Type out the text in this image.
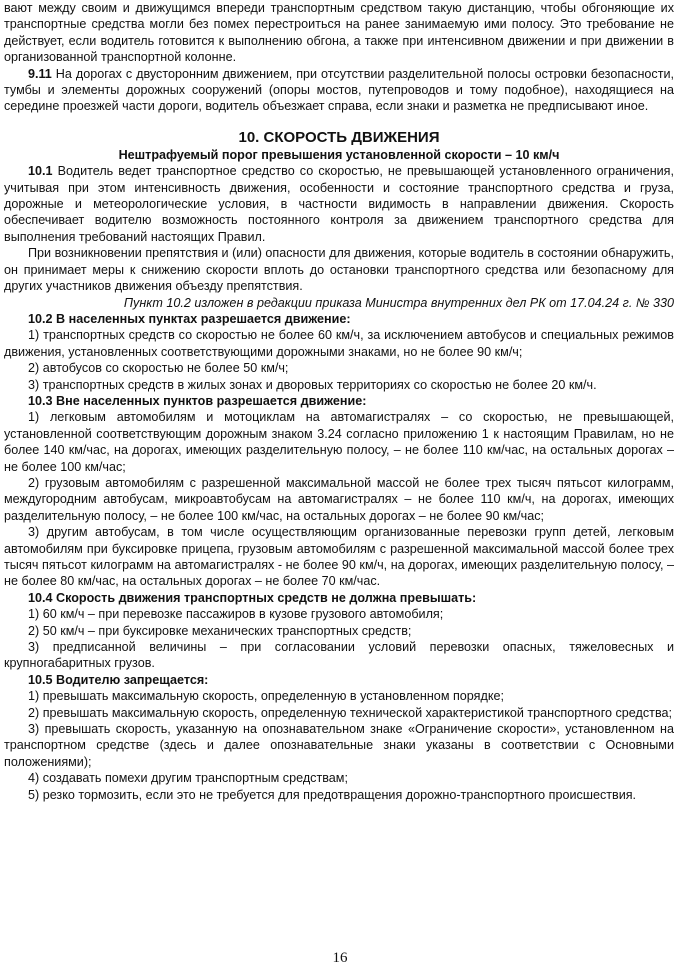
вают между своим и движущимся впереди транспортным средством такую дистанцию, чтобы обгоняющие их транспортные средства могли без помех перестроиться на ранее занимаемую ими полосу. Это требование не действует, если водитель готовится к выполнению обгона, а также при интенсивном движении и при движении в организованной транспортной колонне.

9.11 На дорогах с двусторонним движением, при отсутствии разделительной полосы островки безопасности, тумбы и элементы дорожных сооружений (опоры мостов, путепроводов и тому подобное), находящиеся на середине проезжей части дороги, водитель объезжает справа, если знаки и разметка не предписывают иное.

10. СКОРОСТЬ ДВИЖЕНИЯ

Нештрафуемый порог превышения установленной скорости – 10 км/ч

10.1 Водитель ведет транспортное средство со скоростью, не превышающей установленного ограничения, учитывая при этом интенсивность движения, особенности и состояние транспортного средства и груза, дорожные и метеорологические условия, в частности видимость в направлении движения. Скорость обеспечивает водителю возможность постоянного контроля за движением транспортного средства для выполнения требований настоящих Правил.

При возникновении препятствия и (или) опасности для движения, которые водитель в состоянии обнаружить, он принимает меры к снижению скорости вплоть до остановки транспортного средства или безопасному для других участников движения объезду препятствия.

Пункт 10.2 изложен в редакции приказа Министра внутренних дел РК от 17.04.24 г. № 330

10.2 В населенных пунктах разрешается движение:

1) транспортных средств со скоростью не более 60 км/ч, за исключением автобусов и специальных режимов движения, установленных соответствующими дорожными знаками, но не более 90 км/ч;

2) автобусов со скоростью не более 50 км/ч;

3) транспортных средств в жилых зонах и дворовых территориях со скоростью не более 20 км/ч.

10.3 Вне населенных пунктов разрешается движение:

1) легковым автомобилям и мотоциклам на автомагистралях – со скоростью, не превышающей, установленной соответствующим дорожным знаком 3.24 согласно приложению 1 к настоящим Правилам, но не более 140 км/час, на дорогах, имеющих разделительную полосу, – не более 110 км/час, на остальных дорогах – не более 100 км/час;

2) грузовым автомобилям с разрешенной максимальной массой не более трех тысяч пятьсот килограмм, междугородним автобусам, микроавтобусам на автомагистралях – не более 110 км/ч, на дорогах, имеющих разделительную полосу, – не более 100 км/час, на остальных дорогах – не более 90 км/час;

3) другим автобусам, в том числе осуществляющим организованные перевозки групп детей, легковым автомобилям при буксировке прицепа, грузовым автомобилям с разрешенной максимальной массой более трех тысяч пятьсот килограмм на автомагистралях - не более 90 км/ч, на дорогах, имеющих разделительную полосу, – не более 80 км/час, на остальных дорогах – не более 70 км/час.

10.4 Скорость движения транспортных средств не должна превышать:

1) 60 км/ч – при перевозке пассажиров в кузове грузового автомобиля;

2) 50 км/ч – при буксировке механических транспортных средств;

3) предписанной величины – при согласовании условий перевозки опасных, тяжеловесных и крупногабаритных грузов.

10.5 Водителю запрещается:

1) превышать максимальную скорость, определенную в установленном порядке;

2) превышать максимальную скорость, определенную технической характеристикой транспортного средства;

3) превышать скорость, указанную на опознавательном знаке «Ограничение скорости», установленном на транспортном средстве (здесь и далее опознавательные знаки указаны в соответствии с Основными положениями);

4) создавать помехи другим транспортным средствам;

5) резко тормозить, если это не требуется для предотвращения дорожно-транспортного происшествия.

16
